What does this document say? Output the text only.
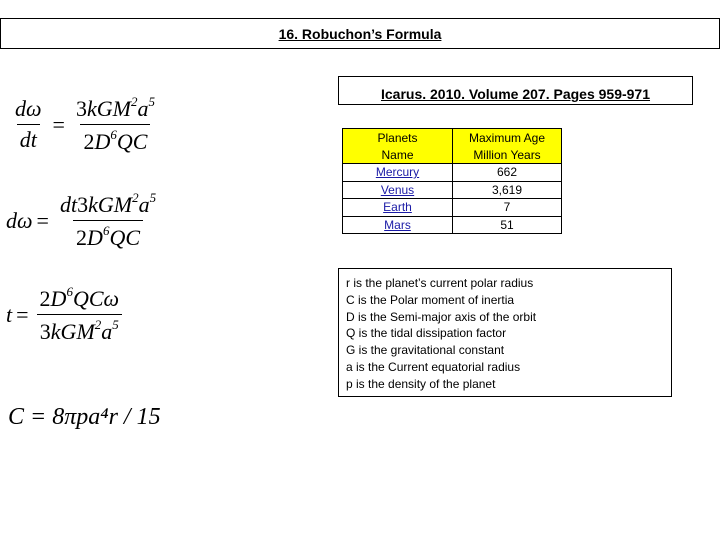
16. Robuchon’s Formula
$\frac{d\omega}{dt} = \frac{3kGM^2a^5}{2D^6QC}$
$d\omega = \frac{dt3kGM^2a^5}{2D^6QC}$
$t = \frac{2D^6QC\omega}{3kGM^2a^5}$
C = 8πpa⁴r / 15
Icarus. 2010. Volume 207. Pages 959-971
Planets	Maximum Age
Name	Million Years
Mercury	662
Venus	3,619
Earth	7
Mars	51
r is the planet’s current polar radius
C is the Polar moment of inertia
D is the Semi-major axis of the orbit
Q is the tidal dissipation factor
G is the gravitational constant
a is the Current equatorial radius
p is the density of the planet
